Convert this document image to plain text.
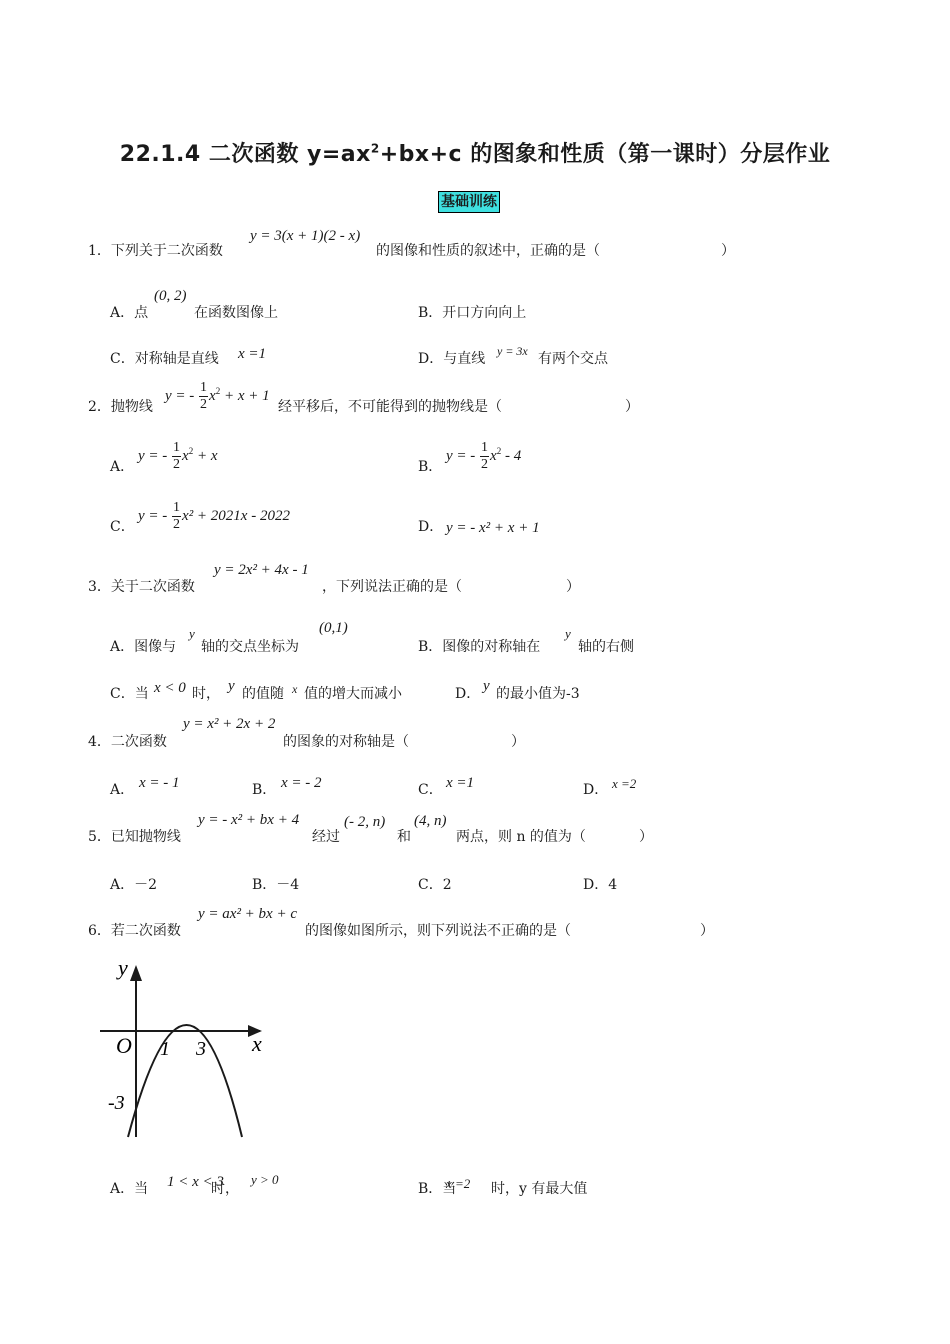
22.1.4 二次函数 $y=ax^2+bx+c$ 的图象和性质（第一课时）分层作业
基础训练
1．下列关于二次函数
y = 3(x + 1)(2 - x)
的图像和性质的叙述中，正确的是（	）
A．点
(0, 2)
在函数图像上	B．开口方向向上
C．对称轴是直线 x =1	D．与直线 y = 3x 有两个交点
2．抛物线
y = - $\frac{1}{2} x^2 + x + 1$
经平移后，不可能得到的抛物线是（	）
A．
y = - $\frac{1}{2} x^2 + x$
B．
y = - $\frac{1}{2} x^2 - 4$
C．
y = - $\frac{1}{2} x^2 + 2021x - 2022$
D． y = - x² + x + 1
3．关于二次函数
y = 2x² + 4x - 1
，下列说法正确的是（	）
A．图像与
y
轴的交点坐标为
(0,1)
B．图像的对称轴在
y
轴的右侧
C．当 x < 0 时， y 的值随 x 值的增大而减小	D． y 的最小值为-3
4．二次函数
y = x² + 2x + 2
的图象的对称轴是（	）
A． x = - 1	B． x = - 2	C． x =1	D． x =2
5．已知抛物线
y = - x² + bx + 4
经过
(- 2, n)
和
(4, n)
两点，则 n 的值为（	）
A．－2	B．－4	C．2	D．4
6．若二次函数
y = ax² + bx + c
的图像如图所示，则下列说法不正确的是（	）
y
x
O 1 3
-3
A．当 1 < x < 3
时，
y > 0
B．当
x =2 时，y 有最大值
